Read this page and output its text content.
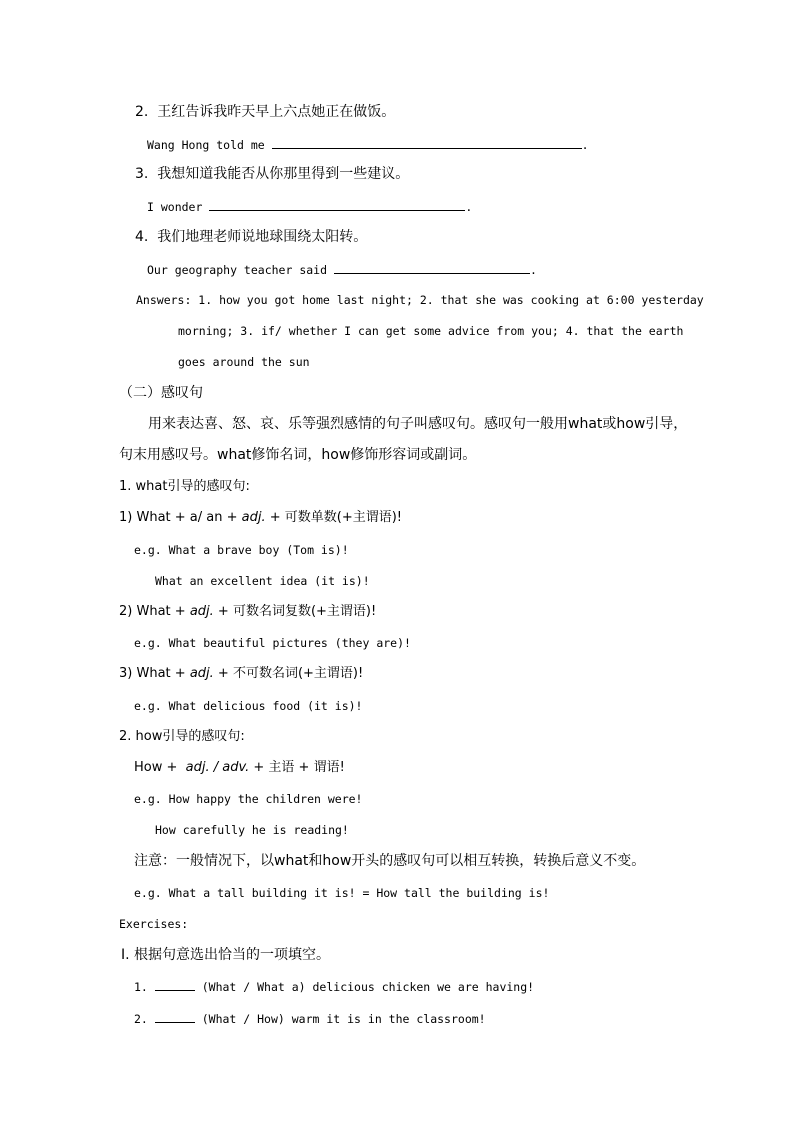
2. 王红告诉我昨天早上六点她正在做饭。
Wang Hong told me	.
3. 我想知道我能否从你那里得到一些建议。
I wonder	.
4. 我们地理老师说地球围绕太阳转。
Our geography teacher said	.
Answers: 1. how you got home last night; 2. that she was cooking at 6:00 yesterday
morning; 3. if/ whether I can get some advice from you; 4. that the earth
goes around the sun
（二）感叹句
用来表达喜、怒、哀、乐等强烈感情的句子叫感叹句。感叹句一般用what或how引导，
句末用感叹号。what修饰名词，how修饰形容词或副词。
1. what引导的感叹句:
1) What + a/ an + adj. + 可数单数(+主谓语)!
e.g. What a brave boy (Tom is)!
What an excellent idea (it is)!
2) What + adj. + 可数名词复数(+主谓语)!
e.g. What beautiful pictures (they are)!
3) What + adj. + 不可数名词(+主谓语)!
e.g. What delicious food (it is)!
2. how引导的感叹句:
How + adj. / adv. + 主语 + 谓语!
e.g. How happy the children were!
How carefully he is reading!
注意：一般情况下，以what和how开头的感叹句可以相互转换，转换后意义不变。
e.g. What a tall building it is! = How tall the building is!
Exercises:
Ⅰ. 根据句意选出恰当的一项填空。
1.	(What / What a) delicious chicken we are having!
2.	(What / How) warm it is in the classroom!
